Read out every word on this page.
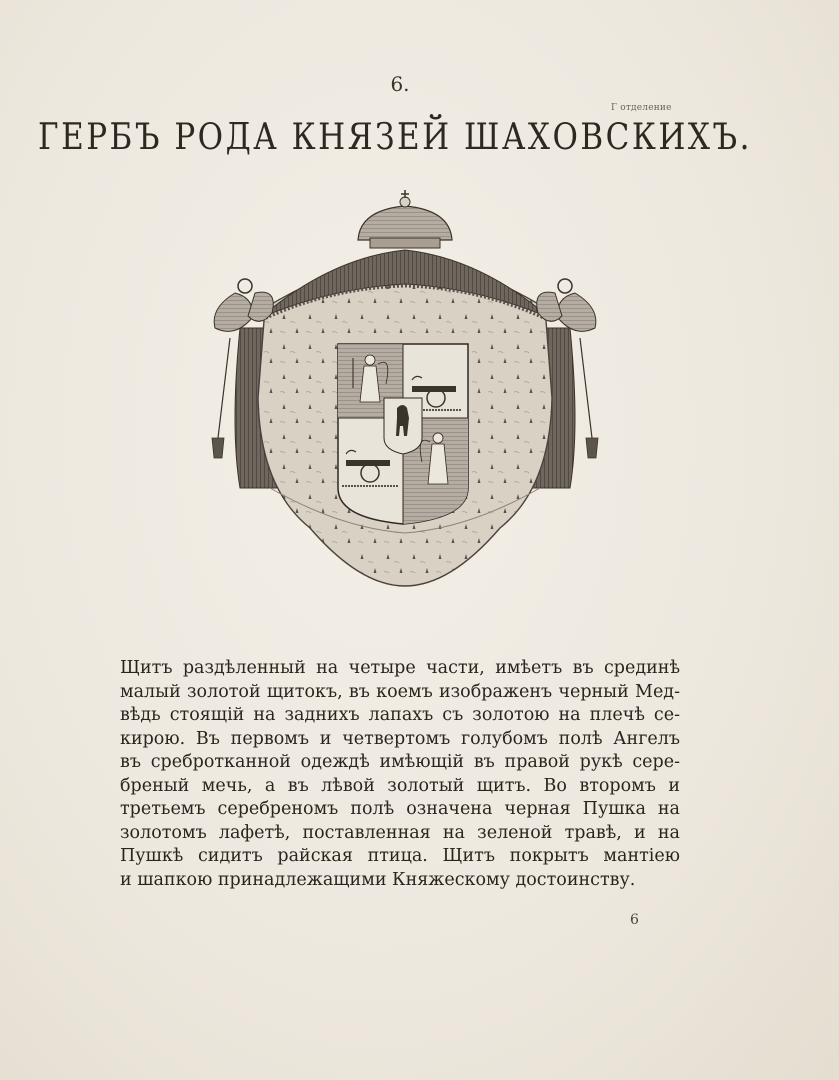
6.
Г отделение
ГЕРБЪ РОДА КНЯЗЕЙ ШАХОВСКИХЪ.
Щитъ раздѣленный на четыре части, имѣетъ въ срединѣ
малый золотой щитокъ, въ коемъ изображенъ черный Мед-
вѣдь стоящій на заднихъ лапахъ съ золотою на плечѣ се-
кирою. Въ первомъ и четвертомъ голубомъ полѣ Ангелъ
въ сребротканной одеждѣ имѣющій въ правой рукѣ сере-
бреный мечь, а въ лѣвой золотый щитъ. Во второмъ и
третьемъ серебреномъ полѣ означена черная Пушка на
золотомъ лафетѣ, поставленная на зеленой травѣ, и на
Пушкѣ сидитъ райская птица. Щитъ покрытъ мантіею
и шапкою принадлежащими Княжескому достоинству.
6
